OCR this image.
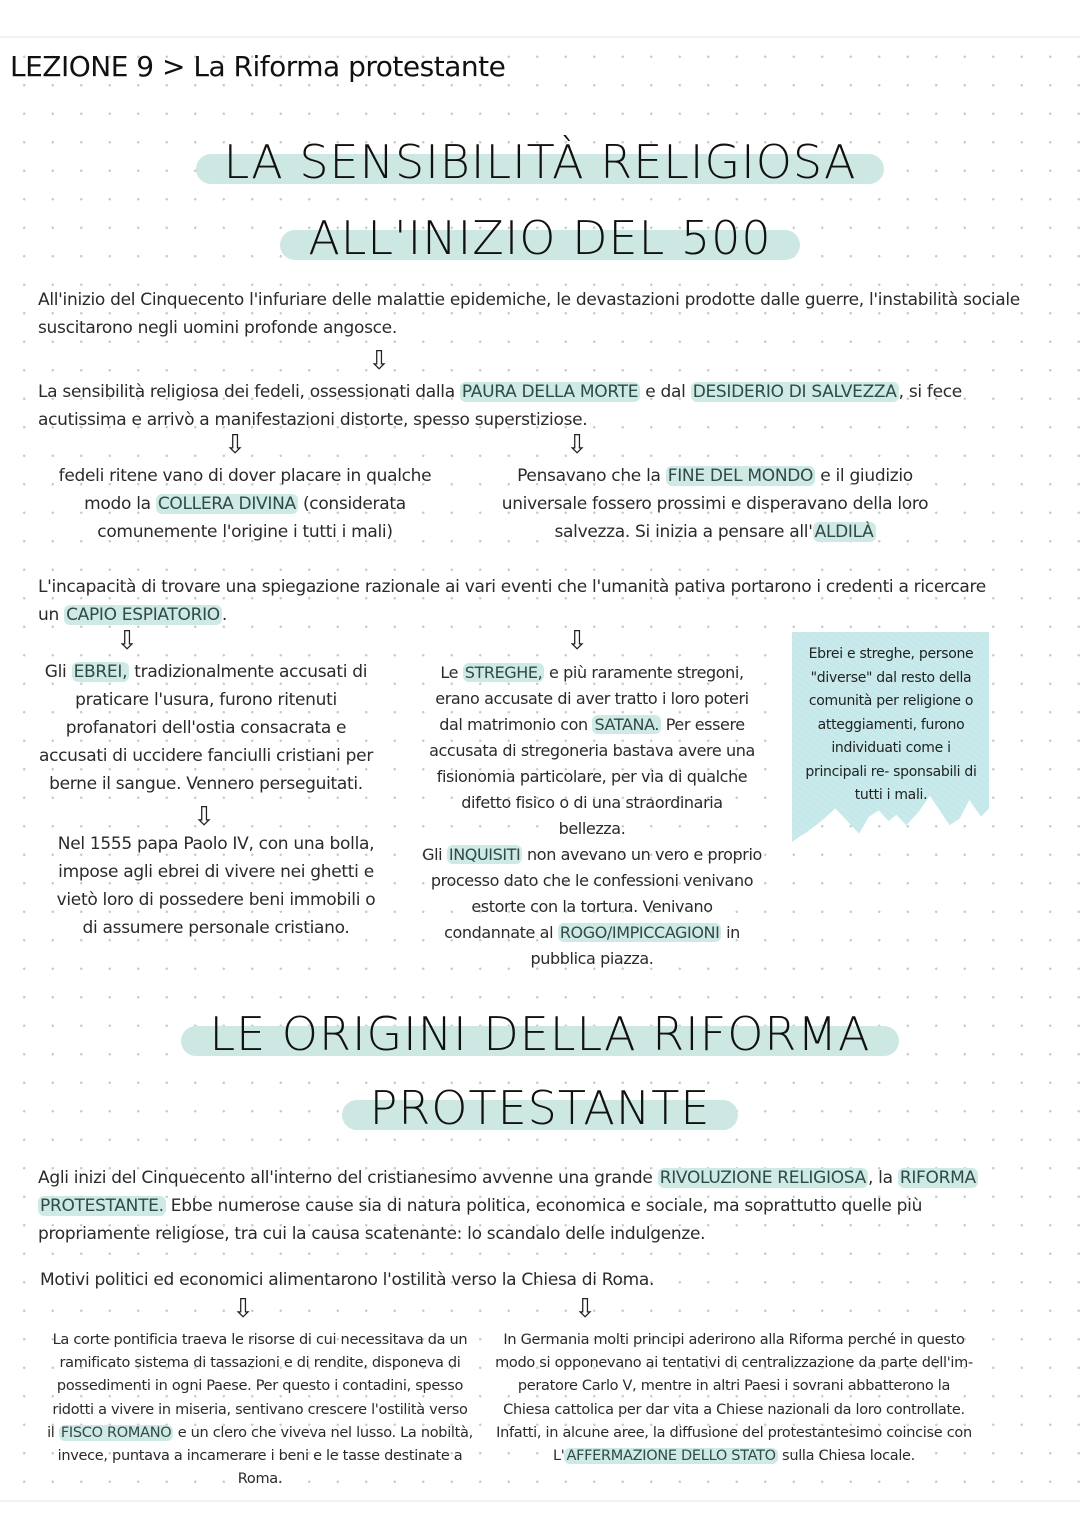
LEZIONE 9 > La Riforma protestante
LA SENSIBILITÀ RELIGIOSA
ALL'INIZIO DEL 500
All'inizio del Cinquecento l'infuriare delle malattie epidemiche, le devastazioni prodotte dalle guerre, l'instabilità sociale
suscitarono negli uomini profonde angosce.
⇩
La sensibilità religiosa dei fedeli, ossessionati dalla PAURA DELLA MORTE e dal DESIDERIO DI SALVEZZA , si fece
acutissima e arrivò a manifestazioni distorte, spesso superstiziose.
⇩	⇩
fedeli ritene vano di dover placare in qualche
modo la COLLERA DIVINA (considerata
comunemente l'origine i tutti i mali)
Pensavano che la FINE DEL MONDO e il giudizio
universale fossero prossimi e disperavano della loro
salvezza. Si inizia a pensare all' ALDILÀ
L'incapacità di trovare una spiegazione razionale ai vari eventi che l'umanità pativa portarono i credenti a ricercare
un CAPIO ESPIATORIO .
⇩	⇩
Gli EBREI, tradizionalmente accusati di
praticare l'usura, furono ritenuti
profanatori dell'ostia consacrata e
accusati di uccidere fanciulli cristiani per
berne il sangue. Vennero perseguitati.
⇩
Nel 1555 papa Paolo IV, con una bolla,
impose agli ebrei di vivere nei ghetti e
vietò loro di possedere beni immobili o
di assumere personale cristiano.
Le STREGHE, e più raramente stregoni,
erano accusate di aver tratto i loro poteri
dal matrimonio con SATANA. Per essere
accusata di stregoneria bastava avere una
fisionomia particolare, per via di qualche
difetto fisico o di una straordinaria
bellezza.
Gli INQUISITI non avevano un vero e proprio
processo dato che le confessioni venivano
estorte con la tortura. Venivano
condannate al ROGO/IMPICCAGIONI in
pubblica piazza.
Ebrei e streghe, persone
"diverse" dal resto della
comunità per religione o
atteggiamenti, furono
individuati come i
principali re- sponsabili di
tutti i mali.
LE ORIGINI DELLA RIFORMA
PROTESTANTE
Agli inizi del Cinquecento all'interno del cristianesimo avvenne una grande RIVOLUZIONE RELIGIOSA , la RIFORMA
PROTESTANTE. Ebbe numerose cause sia di natura politica, economica e sociale, ma soprattutto quelle più
propriamente religiose, tra cui la causa scatenante: lo scandalo delle indulgenze.
Motivi politici ed economici alimentarono l'ostilità verso la Chiesa di Roma.
⇩	⇩
La corte pontificia traeva le risorse di cui necessitava da un
ramificato sistema di tassazioni e di rendite, disponeva di
possedimenti in ogni Paese. Per questo i contadini, spesso
ridotti a vivere in miseria, sentivano crescere l'ostilità verso
il FISCO ROMANO e un clero che viveva nel lusso. La nobiltà,
invece, puntava a incamerare i beni e le tasse destinate a
Roma.
In Germania molti principi aderirono alla Riforma perché in questo
modo si opponevano ai tentativi di centralizzazione da parte dell'im-
peratore Carlo V, mentre in altri Paesi i sovrani abbatterono la
Chiesa cattolica per dar vita a Chiese nazionali da loro controllate.
Infatti, in alcune aree, la diffusione del protestantesimo coincise con
L' AFFERMAZIONE DELLO STATO sulla Chiesa locale.
